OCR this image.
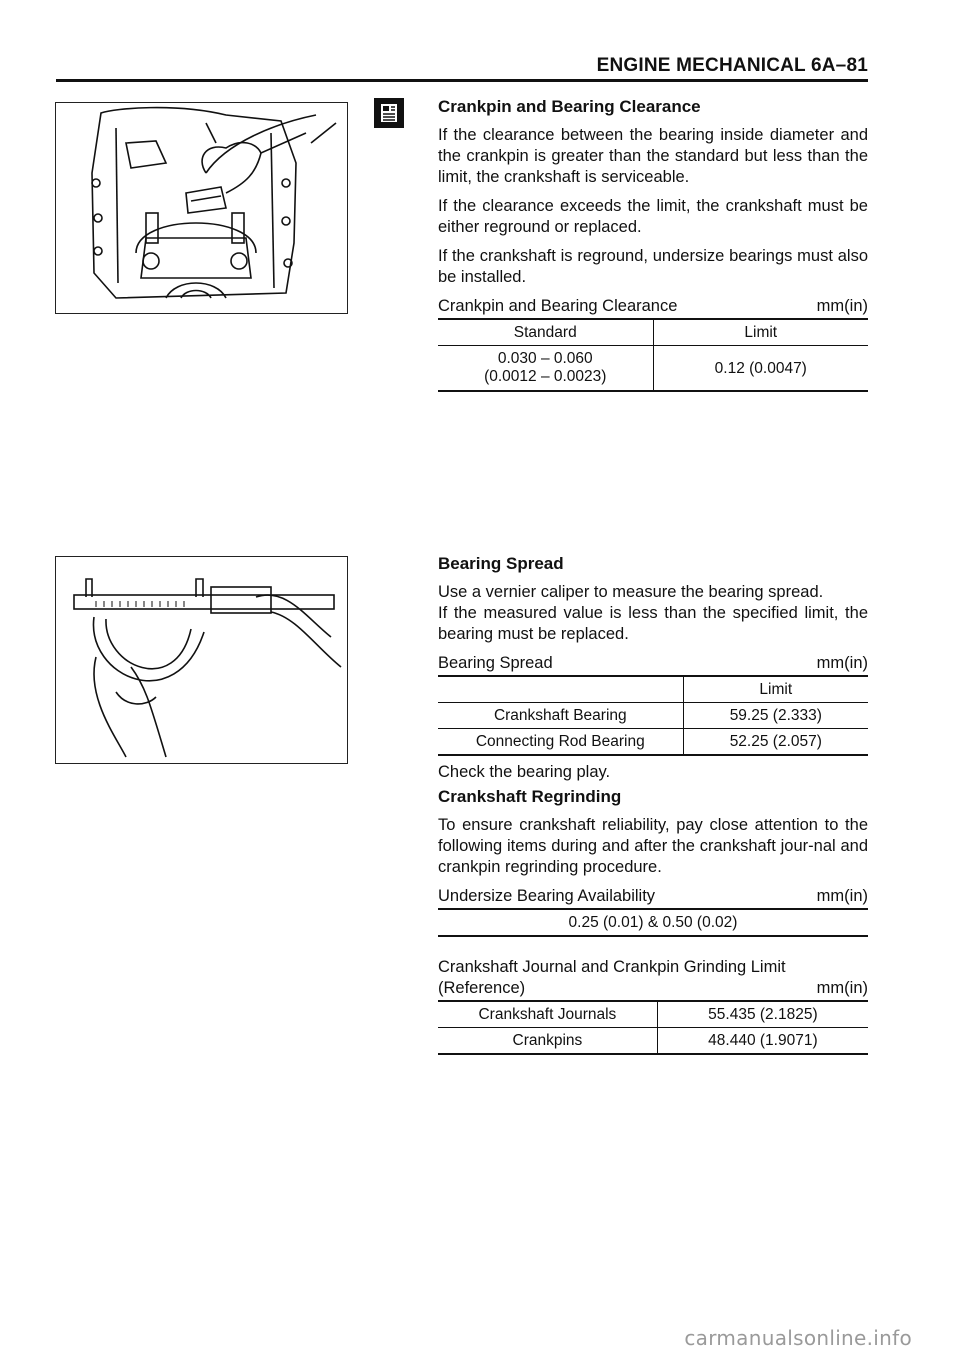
ENGINE MECHANICAL 6A–81
Crankpin and Bearing Clearance

If the clearance between the bearing inside diameter and the crankpin is greater than the standard but less than the limit, the crankshaft is serviceable.

If the clearance exceeds the limit, the crankshaft must be either reground or replaced.

If the crankshaft is reground, undersize bearings must also be installed.

Crankpin and Bearing Clearance	mm(in)
Standard	Limit

0.030 – 0.060
(0.0012 – 0.0023)	0.12 (0.0047)
Bearing Spread

Use a vernier caliper to measure the bearing spread.

If the measured value is less than the specified limit, the bearing must be replaced.

Bearing Spread	mm(in)
	Limit
Crankshaft Bearing	59.25 (2.333)
Connecting Rod Bearing	52.25 (2.057)

Check the bearing play.

Crankshaft Regrinding

To ensure crankshaft reliability, pay close attention to the following items during and after the crankshaft jour-nal and crankpin regrinding procedure.

Undersize Bearing Availability	mm(in)
0.25 (0.01) & 0.50 (0.02)
Crankshaft Journal and Crankpin Grinding Limit
(Reference)	mm(in)
Crankshaft Journals	55.435 (2.1825)
Crankpins	48.440 (1.9071)
carmanualsonline.info
